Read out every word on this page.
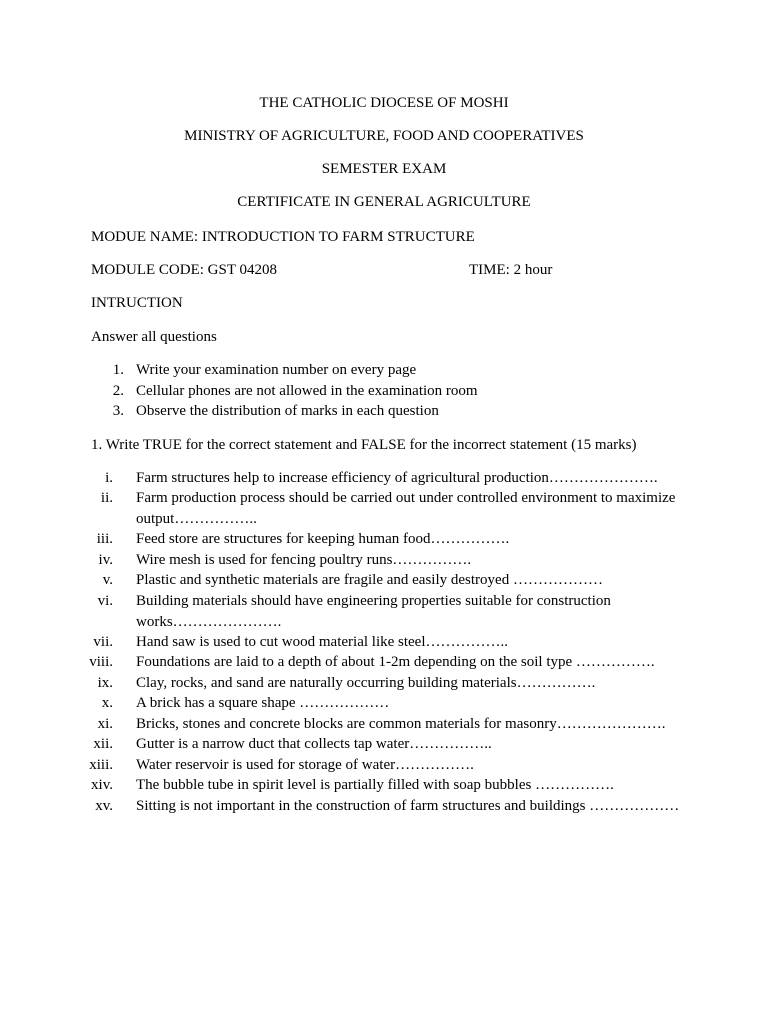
THE CATHOLIC DIOCESE OF MOSHI

MINISTRY OF AGRICULTURE, FOOD AND COOPERATIVES

SEMESTER EXAM

CERTIFICATE IN GENERAL AGRICULTURE

MODUE NAME: INTRODUCTION TO FARM STRUCTURE

MODULE CODE: GST 04208	TIME: 2 hour

INTRUCTION

Answer all questions

1. Write your examination number on every page
2. Cellular phones are not allowed in the examination room
3. Observe the distribution of marks in each question

1. Write TRUE for the correct statement and FALSE for the incorrect statement (15 marks)

i. Farm structures help to increase efficiency of agricultural production………………….
ii. Farm production process should be carried out under controlled environment to maximize output……………..
iii. Feed store are structures for keeping human food…………….
iv. Wire mesh is used for fencing poultry runs…………….
v. Plastic and synthetic materials are fragile and easily destroyed ………………
vi. Building materials should have engineering properties suitable for construction works………………….
vii. Hand saw is used to cut wood material like steel……………..
viii. Foundations are laid to a depth of about 1-2m depending on the soil type …………….
ix. Clay, rocks, and sand are naturally occurring building materials…………….
x. A brick has a square shape ………………
xi. Bricks, stones and concrete blocks are common materials for masonry………………….
xii. Gutter is a narrow duct that collects tap water……………..
xiii. Water reservoir is used for storage of water…………….
xiv. The bubble tube in spirit level is partially filled with soap bubbles …………….
xv. Sitting is not important in the construction of farm structures and buildings ………………
